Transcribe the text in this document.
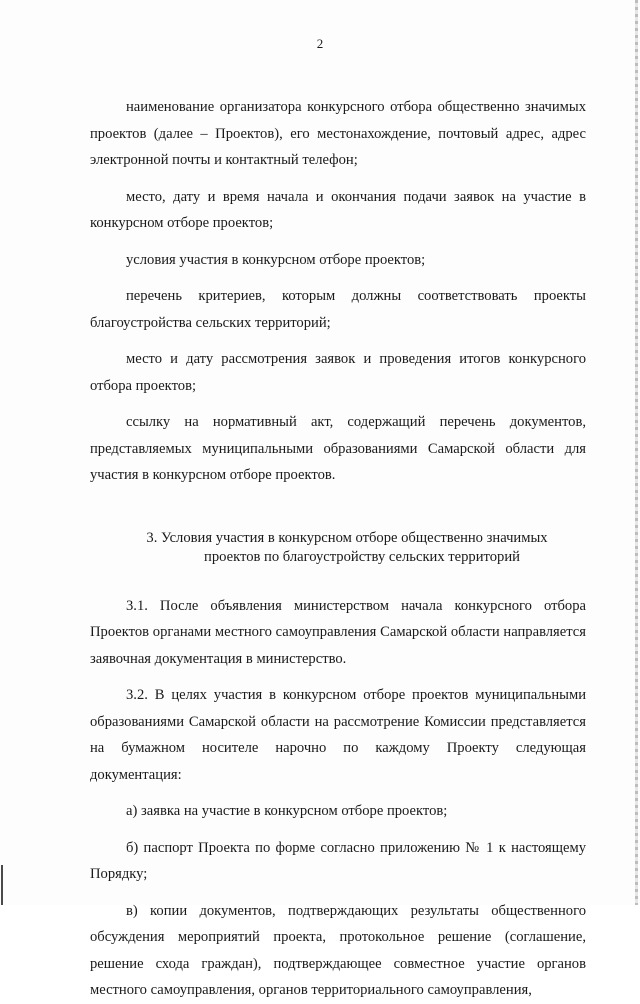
2

наименование организатора конкурсного отбора общественно значимых проектов (далее – Проектов), его местонахождение, почтовый адрес, адрес электронной почты и контактный телефон;

место, дату и время начала и окончания подачи заявок на участие в конкурсном отборе проектов;

условия участия в конкурсном отборе проектов;

перечень критериев, которым должны соответствовать проекты благоустройства сельских территорий;

место и дату рассмотрения заявок и проведения итогов конкурсного отбора проектов;

ссылку на нормативный акт, содержащий перечень документов, представляемых муниципальными образованиями Самарской области для участия в конкурсном отборе проектов.

3. Условия участия в конкурсном отборе общественно значимых
проектов по благоустройству сельских территорий

3.1. После объявления министерством начала конкурсного отбора Проектов органами местного самоуправления Самарской области направляется заявочная документация в министерство.

3.2. В целях участия в конкурсном отборе проектов муниципальными образованиями Самарской области на рассмотрение Комиссии представляется на бумажном носителе нарочно по каждому Проекту следующая документация:

а) заявка на участие в конкурсном отборе проектов;

б) паспорт Проекта по форме согласно приложению № 1 к настоящему Порядку;

в) копии документов, подтверждающих результаты общественного обсуждения мероприятий проекта, протокольное решение (соглашение, решение схода граждан), подтверждающее совместное участие органов местного самоуправления, органов территориального самоуправления,
